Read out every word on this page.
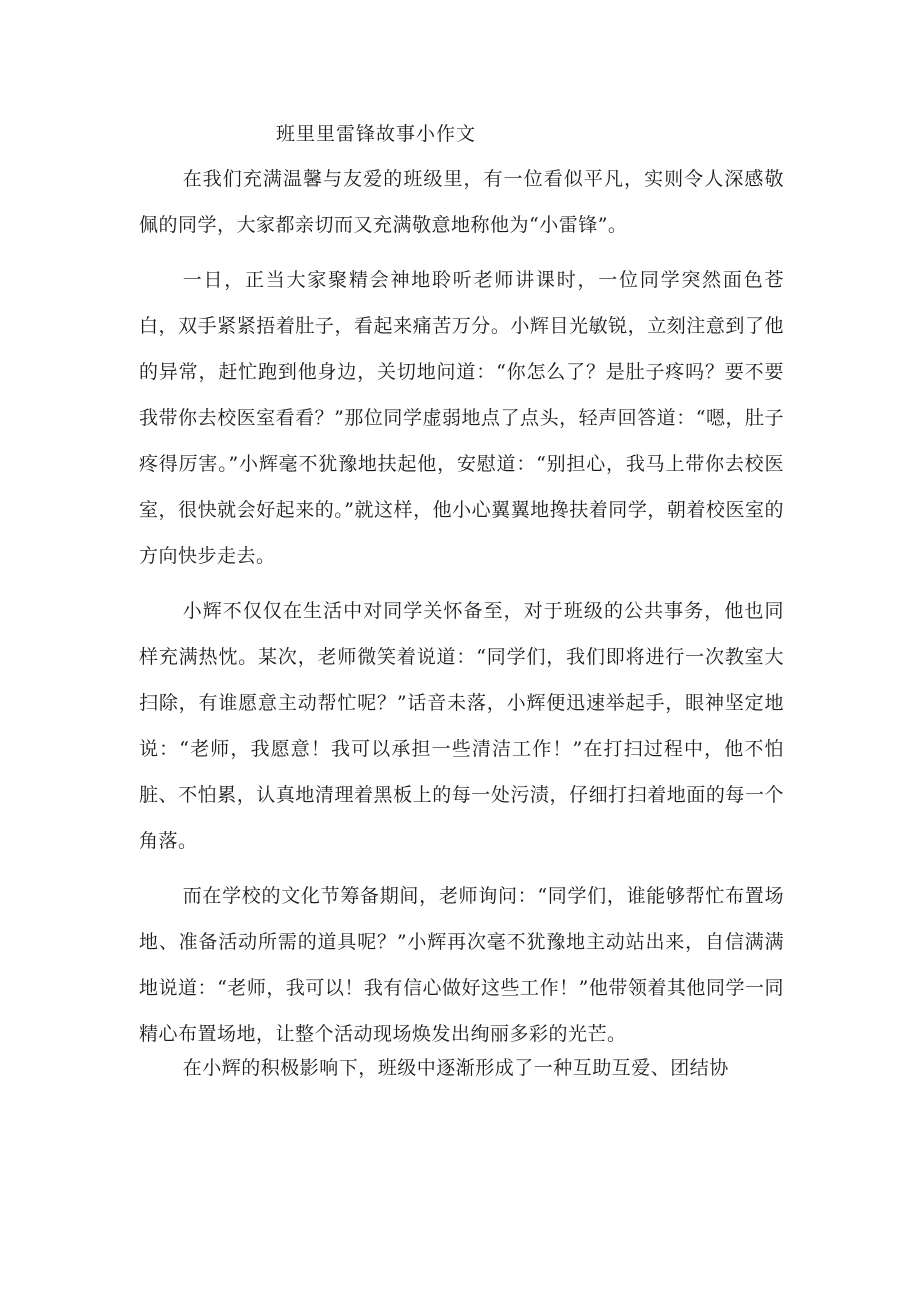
班里里雷锋故事小作文

在我们充满温馨与友爱的班级里，有一位看似平凡，实则令人深感敬佩的同学，大家都亲切而又充满敬意地称他为“小雷锋”。

一日，正当大家聚精会神地聆听老师讲课时，一位同学突然面色苍白，双手紧紧捂着肚子，看起来痛苦万分。小辉目光敏锐，立刻注意到了他的异常，赶忙跑到他身边，关切地问道：“你怎么了？是肚子疼吗？要不要我带你去校医室看看？”那位同学虚弱地点了点头，轻声回答道：“嗯，肚子疼得厉害。”小辉毫不犹豫地扶起他，安慰道：“别担心，我马上带你去校医室，很快就会好起来的。”就这样，他小心翼翼地搀扶着同学，朝着校医室的方向快步走去。

小辉不仅仅在生活中对同学关怀备至，对于班级的公共事务，他也同样充满热忱。某次，老师微笑着说道：“同学们，我们即将进行一次教室大扫除，有谁愿意主动帮忙呢？”话音未落，小辉便迅速举起手，眼神坚定地说：“老师，我愿意！我可以承担一些清洁工作！”在打扫过程中，他不怕脏、不怕累，认真地清理着黑板上的每一处污渍，仔细打扫着地面的每一个角落。

而在学校的文化节筹备期间，老师询问：“同学们，谁能够帮忙布置场地、准备活动所需的道具呢？”小辉再次毫不犹豫地主动站出来，自信满满地说道：“老师，我可以！我有信心做好这些工作！”他带领着其他同学一同精心布置场地，让整个活动现场焕发出绚丽多彩的光芒。

在小辉的积极影响下，班级中逐渐形成了一种互助互爱、团结协
